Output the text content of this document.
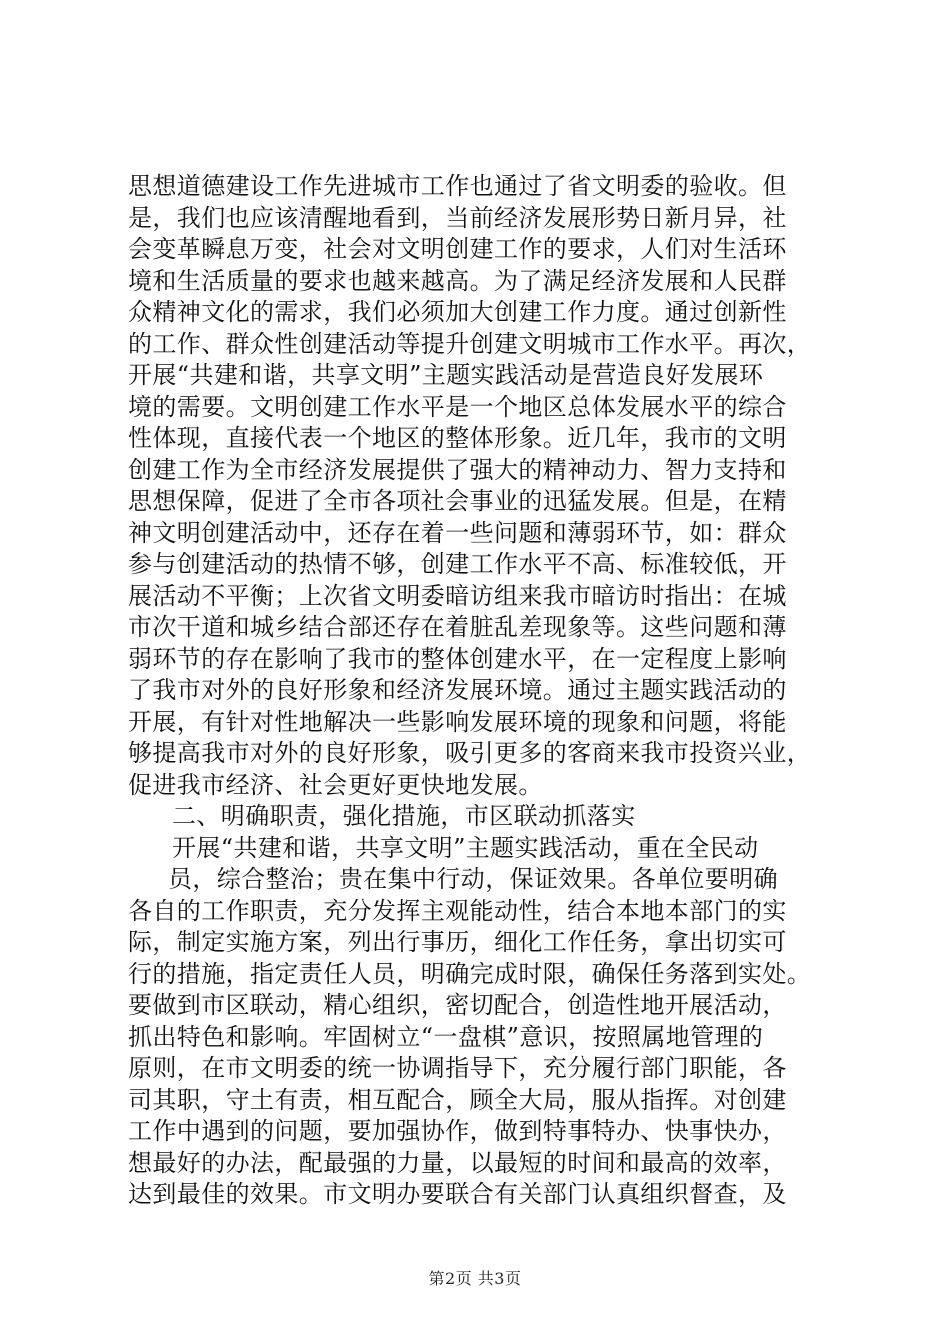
思想道德建设工作先进城市工作也通过了省文明委的验收。但
是，我们也应该清醒地看到，当前经济发展形势日新月异，社
会变革瞬息万变，社会对文明创建工作的要求，人们对生活环
境和生活质量的要求也越来越高。为了满足经济发展和人民群
众精神文化的需求，我们必须加大创建工作力度。通过创新性
的工作、群众性创建活动等提升创建文明城市工作水平。再次，
开展“共建和谐，共享文明”主题实践活动是营造良好发展环
境的需要。文明创建工作水平是一个地区总体发展水平的综合
性体现，直接代表一个地区的整体形象。近几年，我市的文明
创建工作为全市经济发展提供了强大的精神动力、智力支持和
思想保障，促进了全市各项社会事业的迅猛发展。但是，在精
神文明创建活动中，还存在着一些问题和薄弱环节，如：群众
参与创建活动的热情不够，创建工作水平不高、标准较低，开
展活动不平衡；上次省文明委暗访组来我市暗访时指出：在城
市次干道和城乡结合部还存在着脏乱差现象等。这些问题和薄
弱环节的存在影响了我市的整体创建水平，在一定程度上影响
了我市对外的良好形象和经济发展环境。通过主题实践活动的
开展，有针对性地解决一些影响发展环境的现象和问题，将能
够提高我市对外的良好形象，吸引更多的客商来我市投资兴业，
促进我市经济、社会更好更快地发展。
二、明确职责，强化措施，市区联动抓落实
开展“共建和谐，共享文明”主题实践活动，重在全民动
员，综合整治；贵在集中行动，保证效果。各单位要明确
各自的工作职责，充分发挥主观能动性，结合本地本部门的实
际，制定实施方案，列出行事历，细化工作任务，拿出切实可
行的措施，指定责任人员，明确完成时限，确保任务落到实处。
要做到市区联动，精心组织，密切配合，创造性地开展活动，
抓出特色和影响。牢固树立“一盘棋”意识，按照属地管理的
原则，在市文明委的统一协调指导下，充分履行部门职能，各
司其职，守土有责，相互配合，顾全大局，服从指挥。对创建
工作中遇到的问题，要加强协作，做到特事特办、快事快办，
想最好的办法，配最强的力量，以最短的时间和最高的效率，
达到最佳的效果。市文明办要联合有关部门认真组织督查，及
第2页 共3页
